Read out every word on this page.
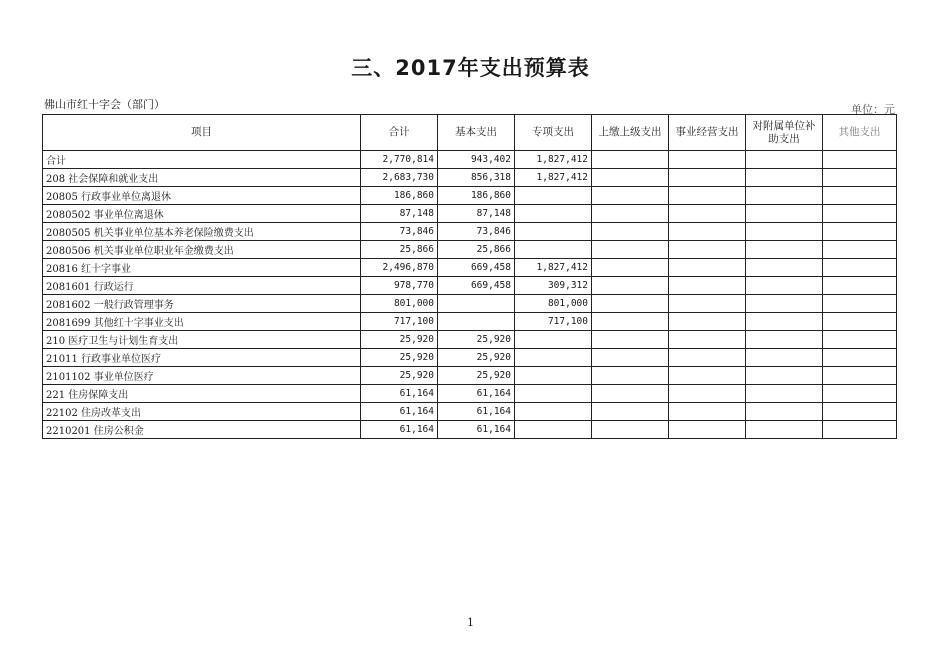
三、2017年支出预算表
佛山市红十字会（部门）	单位：元
项目	合计	基本支出	专项支出	上缴上级支出	事业经营支出	对附属单位补助支出	其他支出
合计	2,770,814	943,402	1,827,412				
208 社会保障和就业支出	2,683,730	856,318	1,827,412				
20805 行政事业单位离退休	186,860	186,860					
2080502 事业单位离退休	87,148	87,148					
2080505 机关事业单位基本养老保险缴费支出	73,846	73,846					
2080506 机关事业单位职业年金缴费支出	25,866	25,866					
20816 红十字事业	2,496,870	669,458	1,827,412				
2081601 行政运行	978,770	669,458	309,312				
2081602 一般行政管理事务	801,000		801,000				
2081699 其他红十字事业支出	717,100		717,100				
210 医疗卫生与计划生育支出	25,920	25,920					
21011 行政事业单位医疗	25,920	25,920					
2101102 事业单位医疗	25,920	25,920					
221 住房保障支出	61,164	61,164					
22102 住房改革支出	61,164	61,164					
2210201 住房公积金	61,164	61,164					
1
